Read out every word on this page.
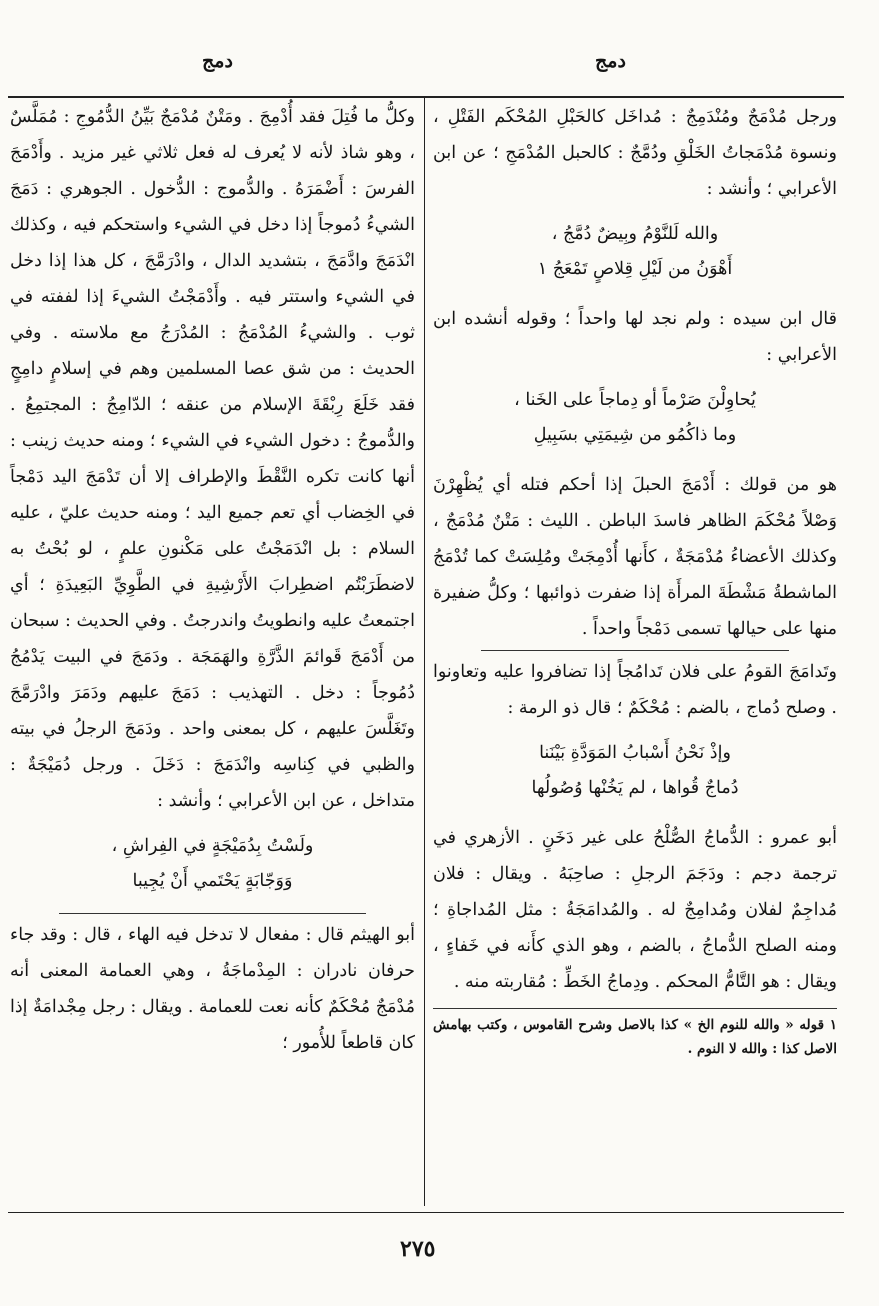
دمج
دمج

ورجل مُدْمَجٌ ومُنْدَمِجٌ : مُداخَل كالحَبْلِ المُحْكَم الفَتْلِ ، ونسوة مُدْمَجاتُ الخَلْقِ ودُمَّجٌ : كالحبل المُدْمَجِ ؛ عن ابن الأعرابي ؛ وأنشد :

والله لَلنَّوْمُ وبِيضٌ دُمَّجُ ،
أَهْوَنُ من لَيْلِ قِلاصٍ تَمْعَجُ ١

قال ابن سيده : ولم نجد لها واحداً ؛ وقوله أنشده ابن الأعرابي :

يُحاوِلْنَ صَرْماً أو دِماجاً على الخَنا ،
وما ذاكُمُو من شِيمَتِي بسَبِيلِ

هو من قولك : أَدْمَجَ الحبلَ إذا أحكم فتله أي يُظْهِرْنَ وَصْلاً مُحْكَمَ الظاهر فاسدَ الباطن . الليث : مَتْنٌ مُدْمَجٌ ، وكذلك الأعضاءُ مُدْمَجَةٌ ، كأَنها أُدْمِجَتْ ومُلِسَتْ كما تُدْمَجُ الماشطةُ مَشْطَةَ المرأَة إذا ضفرت ذوائبها ؛ وكلُّ ضفيرة منها على حيالها تسمى دَمْجاً واحداً .

وتَدامَجَ القومُ على فلان تَدامُجاً إذا تضافروا عليه وتعاونوا . وصلح دُماج ، بالضم : مُحْكَمٌ ؛ قال ذو الرمة :

وإذْ نَحْنُ أَسْبابُ المَوَدَّةِ بَيْنَنا
دُماجٌ قُواها ، لم يَخُنْها وُصُولُها

أبو عمرو : الدُّماجُ الصُّلْحُ على غير دَخَنٍ . الأزهري في ترجمة دجم : ودَجَمَ الرجلِ : صاحِبَهُ . ويقال : فلان مُداجِمٌ لفلان ومُدامِجٌ له . والمُدامَجَةُ : مثل المُداجاةِ ؛ ومنه الصلح الدُّماجُ ، بالضم ، وهو الذي كأَنه في خَفاءٍ ، ويقال : هو التَّامُّ المحكم . ودِماجُ الخَطِّ : مُقاربته منه .

١ قوله « والله للنوم الخ » كذا بالاصل وشرح القاموس ، وكتب بهامش الاصل كذا : والله لا النوم .

وكلُّ ما فُتِلَ فقد أُدْمِجَ . ومَتْنٌ مُدْمَجٌ بَيِّنُ الدُّمُوجِ : مُمَلَّسٌ ، وهو شاذ لأنه لا يُعرف له فعل ثلاثي غير مزيد . وأَدْمَجَ الفرسَ : أَضْمَرَهُ . والدُّموج : الدُّخول . الجوهري : دَمَجَ الشيءُ دُموجاً إذا دخل في الشيء واستحكم فيه ، وكذلك انْدَمَجَ وادَّمَجَ ، بتشديد الدال ، وادْرَمَّجَ ، كل هذا إذا دخل في الشيء واستتر فيه . وأَدْمَجْتُ الشيءَ إذا لففته في ثوب . والشيءُ المُدْمَجُ : المُدْرَجُ مع ملاسته . وفي الحديث : من شق عصا المسلمين وهم في إسلامٍ دامِجٍ فقد خَلَعَ رِبْقَةَ الإسلام من عنقه ؛ الدّامِجُ : المجتمِعُ . والدُّموجُ : دخول الشيء في الشيء ؛ ومنه حديث زينب : أنها كانت تكره النَّقْطَ والإطراف إلا أن تَدْمَجَ اليد دَمْجاً في الخِضاب أي تعم جميع اليد ؛ ومنه حديث عليّ ، عليه السلام : بل انْدَمَجْتُ على مَكْنونِ علمٍ ، لو بُحْتُ به لاضطَرَبْتُم اضطِرابَ الأَرْشِيةِ في الطَّوِيِّ البَعِيدَةِ ؛ أي اجتمعتُ عليه وانطويتُ واندرجتُ . وفي الحديث : سبحان من أَدْمَجَ قَوائمَ الذَّرَّةِ والهَمَجَة . ودَمَجَ في البيت يَدْمُجُ دُمُوجاً : دخل . التهذيب : دَمَجَ عليهم ودَمَرَ وادْرَمَّجَ وتَغَلَّسَ عليهم ، كل بمعنى واحد . ودَمَجَ الرجلُ في بيته والظبي في كِناسِه وانْدَمَجَ : دَخَلَ . ورجل دُمَيْجَةٌ : متداخل ، عن ابن الأعرابي ؛ وأنشد :

ولَسْتُ بِدُمَيْجَةٍ في الفِراشِ ،
وَوَجّابَةٍ يَحْتَمي أَنْ يُجِيبا

أبو الهيثم قال : مفعال لا تدخل فيه الهاء ، قال : وقد جاء حرفان نادران : المِدْماجَةُ ، وهي العمامة المعنى أنه مُدْمَجٌ مُحْكَمٌ كأنه نعت للعمامة . ويقال : رجل مِجْدامَةٌ إذا كان قاطعاً للأُمور ؛

٢٧٥
